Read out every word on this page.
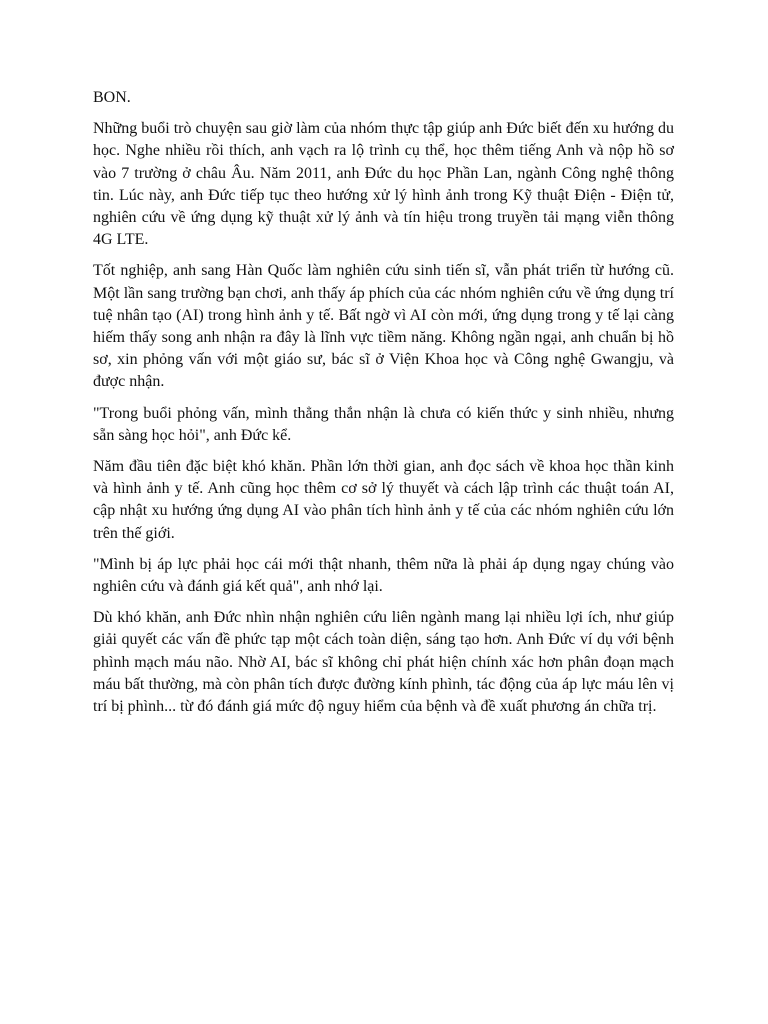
BON.

Những buổi trò chuyện sau giờ làm của nhóm thực tập giúp anh Đức biết đến xu hướng du học. Nghe nhiều rồi thích, anh vạch ra lộ trình cụ thể, học thêm tiếng Anh và nộp hồ sơ vào 7 trường ở châu Âu. Năm 2011, anh Đức du học Phần Lan, ngành Công nghệ thông tin. Lúc này, anh Đức tiếp tục theo hướng xử lý hình ảnh trong Kỹ thuật Điện - Điện tử, nghiên cứu về ứng dụng kỹ thuật xử lý ảnh và tín hiệu trong truyền tải mạng viễn thông 4G LTE.

Tốt nghiệp, anh sang Hàn Quốc làm nghiên cứu sinh tiến sĩ, vẫn phát triển từ hướng cũ. Một lần sang trường bạn chơi, anh thấy áp phích của các nhóm nghiên cứu về ứng dụng trí tuệ nhân tạo (AI) trong hình ảnh y tế. Bất ngờ vì AI còn mới, ứng dụng trong y tế lại càng hiếm thấy song anh nhận ra đây là lĩnh vực tiềm năng. Không ngần ngại, anh chuẩn bị hồ sơ, xin phỏng vấn với một giáo sư, bác sĩ ở Viện Khoa học và Công nghệ Gwangju, và được nhận.

"Trong buổi phỏng vấn, mình thẳng thắn nhận là chưa có kiến thức y sinh nhiều, nhưng sẵn sàng học hỏi", anh Đức kể.

Năm đầu tiên đặc biệt khó khăn. Phần lớn thời gian, anh đọc sách về khoa học thần kinh và hình ảnh y tế. Anh cũng học thêm cơ sở lý thuyết và cách lập trình các thuật toán AI, cập nhật xu hướng ứng dụng AI vào phân tích hình ảnh y tế của các nhóm nghiên cứu lớn trên thế giới.

"Mình bị áp lực phải học cái mới thật nhanh, thêm nữa là phải áp dụng ngay chúng vào nghiên cứu và đánh giá kết quả", anh nhớ lại.

Dù khó khăn, anh Đức nhìn nhận nghiên cứu liên ngành mang lại nhiều lợi ích, như giúp giải quyết các vấn đề phức tạp một cách toàn diện, sáng tạo hơn. Anh Đức ví dụ với bệnh phình mạch máu não. Nhờ AI, bác sĩ không chỉ phát hiện chính xác hơn phân đoạn mạch máu bất thường, mà còn phân tích được đường kính phình, tác động của áp lực máu lên vị trí bị phình... từ đó đánh giá mức độ nguy hiểm của bệnh và đề xuất phương án chữa trị.
